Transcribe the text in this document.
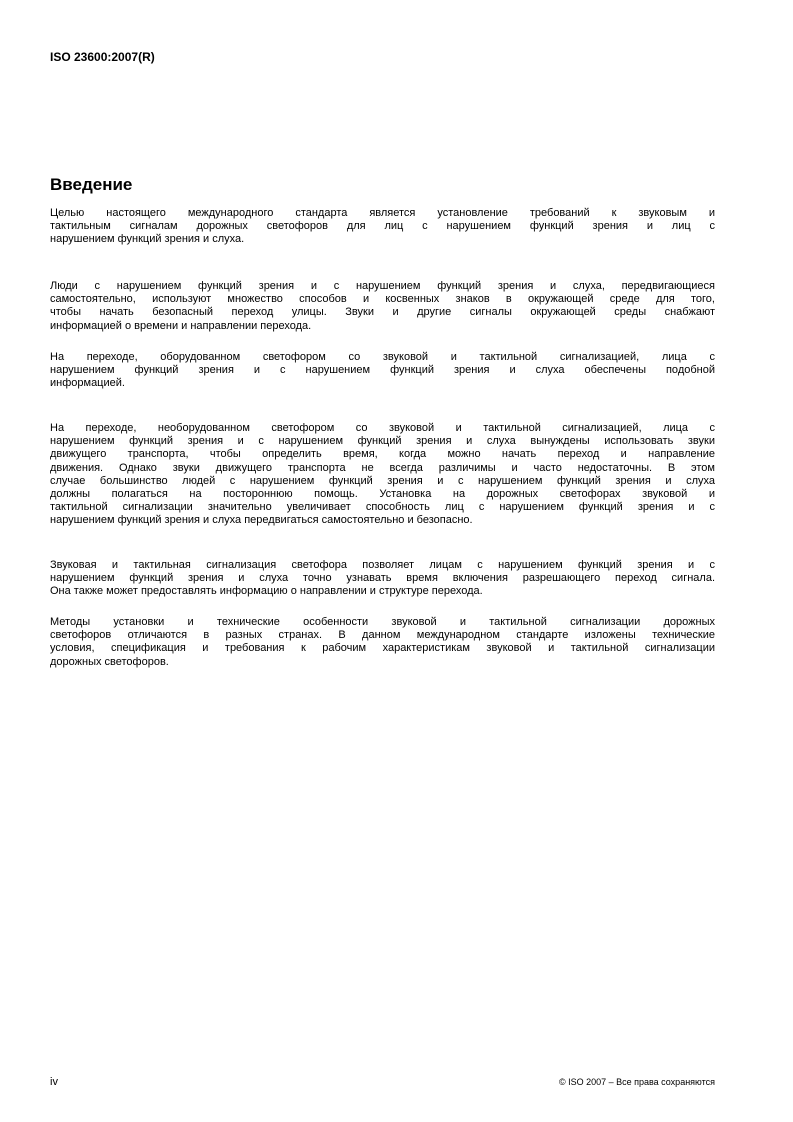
ISO 23600:2007(R)
Введение
Целью настоящего международного стандарта является установление требований к звуковым и
тактильным сигналам дорожных светофоров для лиц с нарушением функций зрения и лиц с
нарушением функций зрения и слуха.
Люди с нарушением функций зрения и с нарушением функций зрения и слуха, передвигающиеся
самостоятельно, используют множество способов и косвенных знаков в окружающей среде для того,
чтобы начать безопасный переход улицы. Звуки и другие сигналы окружающей среды снабжают
информацией о времени и направлении перехода.
На переходе, оборудованном светофором со звуковой и тактильной сигнализацией, лица с
нарушением функций зрения и с нарушением функций зрения и слуха обеспечены подобной
информацией.
На переходе, необорудованном светофором со звуковой и тактильной сигнализацией, лица с
нарушением функций зрения и с нарушением функций зрения и слуха вынуждены использовать звуки
движущего транспорта, чтобы определить время, когда можно начать переход и направление
движения. Однако звуки движущего транспорта не всегда различимы и часто недостаточны. В этом
случае большинство людей с нарушением функций зрения и с нарушением функций зрения и слуха
должны полагаться на постороннюю помощь. Установка на дорожных светофорах звуковой и
тактильной сигнализации значительно увеличивает способность лиц с нарушением функций зрения и с
нарушением функций зрения и слуха передвигаться самостоятельно и безопасно.
Звуковая и тактильная сигнализация светофора позволяет лицам с нарушением функций зрения и с
нарушением функций зрения и слуха точно узнавать время включения разрешающего переход сигнала.
Она также может предоставлять информацию о направлении и структуре перехода.
Методы установки и технические особенности звуковой и тактильной сигнализации дорожных
светофоров отличаются в разных странах. В данном международном стандарте изложены технические
условия, спецификация и требования к рабочим характеристикам звуковой и тактильной сигнализации
дорожных светофоров.
iv	© ISO 2007 – Все права сохраняются
